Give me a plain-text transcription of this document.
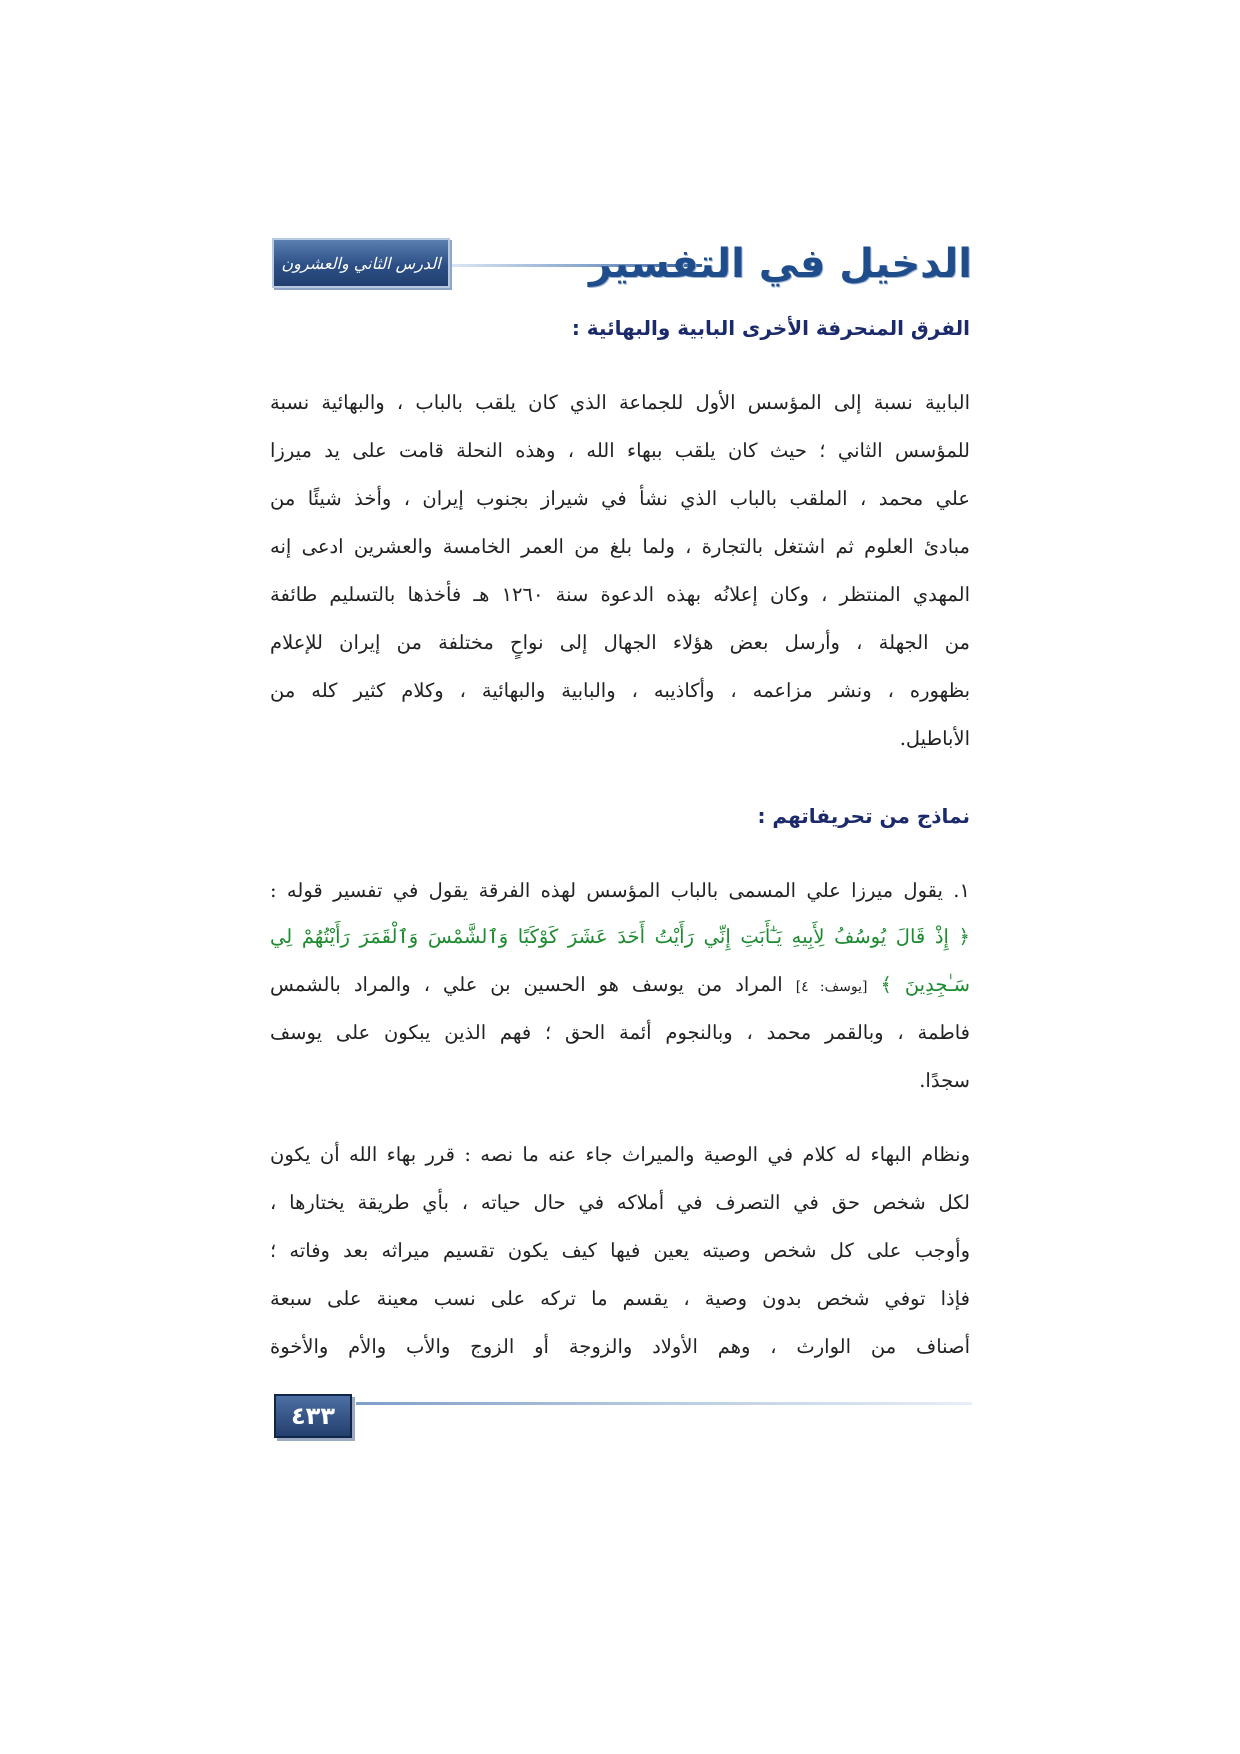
الدرس الثاني والعشرون	الدخيل في التفسير
الفرق المنحرفة الأخرى البابية والبهائية :
البابية نسبة إلى المؤسس الأول للجماعة الذي كان يلقب بالباب ، والبهائية نسبة
للمؤسس الثاني ؛ حيث كان يلقب ببهاء الله ، وهذه النحلة قامت على يد ميرزا
علي محمد ، الملقب بالباب الذي نشأ في شيراز بجنوب إيران ، وأخذ شيئًا من
مبادئ العلوم ثم اشتغل بالتجارة ، ولما بلغ من العمر الخامسة والعشرين ادعى إنه
المهدي المنتظر ، وكان إعلانُه بهذه الدعوة سنة ١٢٦٠ هـ فأخذها بالتسليم طائفة
من الجهلة ، وأرسل بعض هؤلاء الجهال إلى نواحٍ مختلفة من إيران للإعلام
بظهوره ، ونشر مزاعمه ، وأكاذيبه ، والبابية والبهائية ، وكلام كثير كله من
الأباطيل.
نماذج من تحريفاتهم :
١. يقول ميرزا علي المسمى بالباب المؤسس لهذه الفرقة يقول في تفسير قوله :
﴿ إِذْ قَالَ يُوسُفُ لِأَبِيهِ يَـٰٓأَبَتِ إِنِّي رَأَيْتُ أَحَدَ عَشَرَ كَوْكَبًا وَٱلشَّمْسَ وَٱلْقَمَرَ رَأَيْتُهُمْ لِي
سَـٰجِدِينَ ﴾ [يوسف: ٤] المراد من يوسف هو الحسين بن علي ، والمراد بالشمس
فاطمة ، وبالقمر محمد ، وبالنجوم أئمة الحق ؛ فهم الذين يبكون على يوسف
سجدًا.
ونظام البهاء له كلام في الوصية والميراث جاء عنه ما نصه : قرر بهاء الله أن يكون
لكل شخص حق في التصرف في أملاكه في حال حياته ، بأي طريقة يختارها ،
وأوجب على كل شخص وصيته يعين فيها كيف يكون تقسيم ميراثه بعد وفاته ؛
فإذا توفي شخص بدون وصية ، يقسم ما تركه على نسب معينة على سبعة
أصناف من الوارث ، وهم الأولاد والزوجة أو الزوج والأب والأم والأخوة
٤٣٣
